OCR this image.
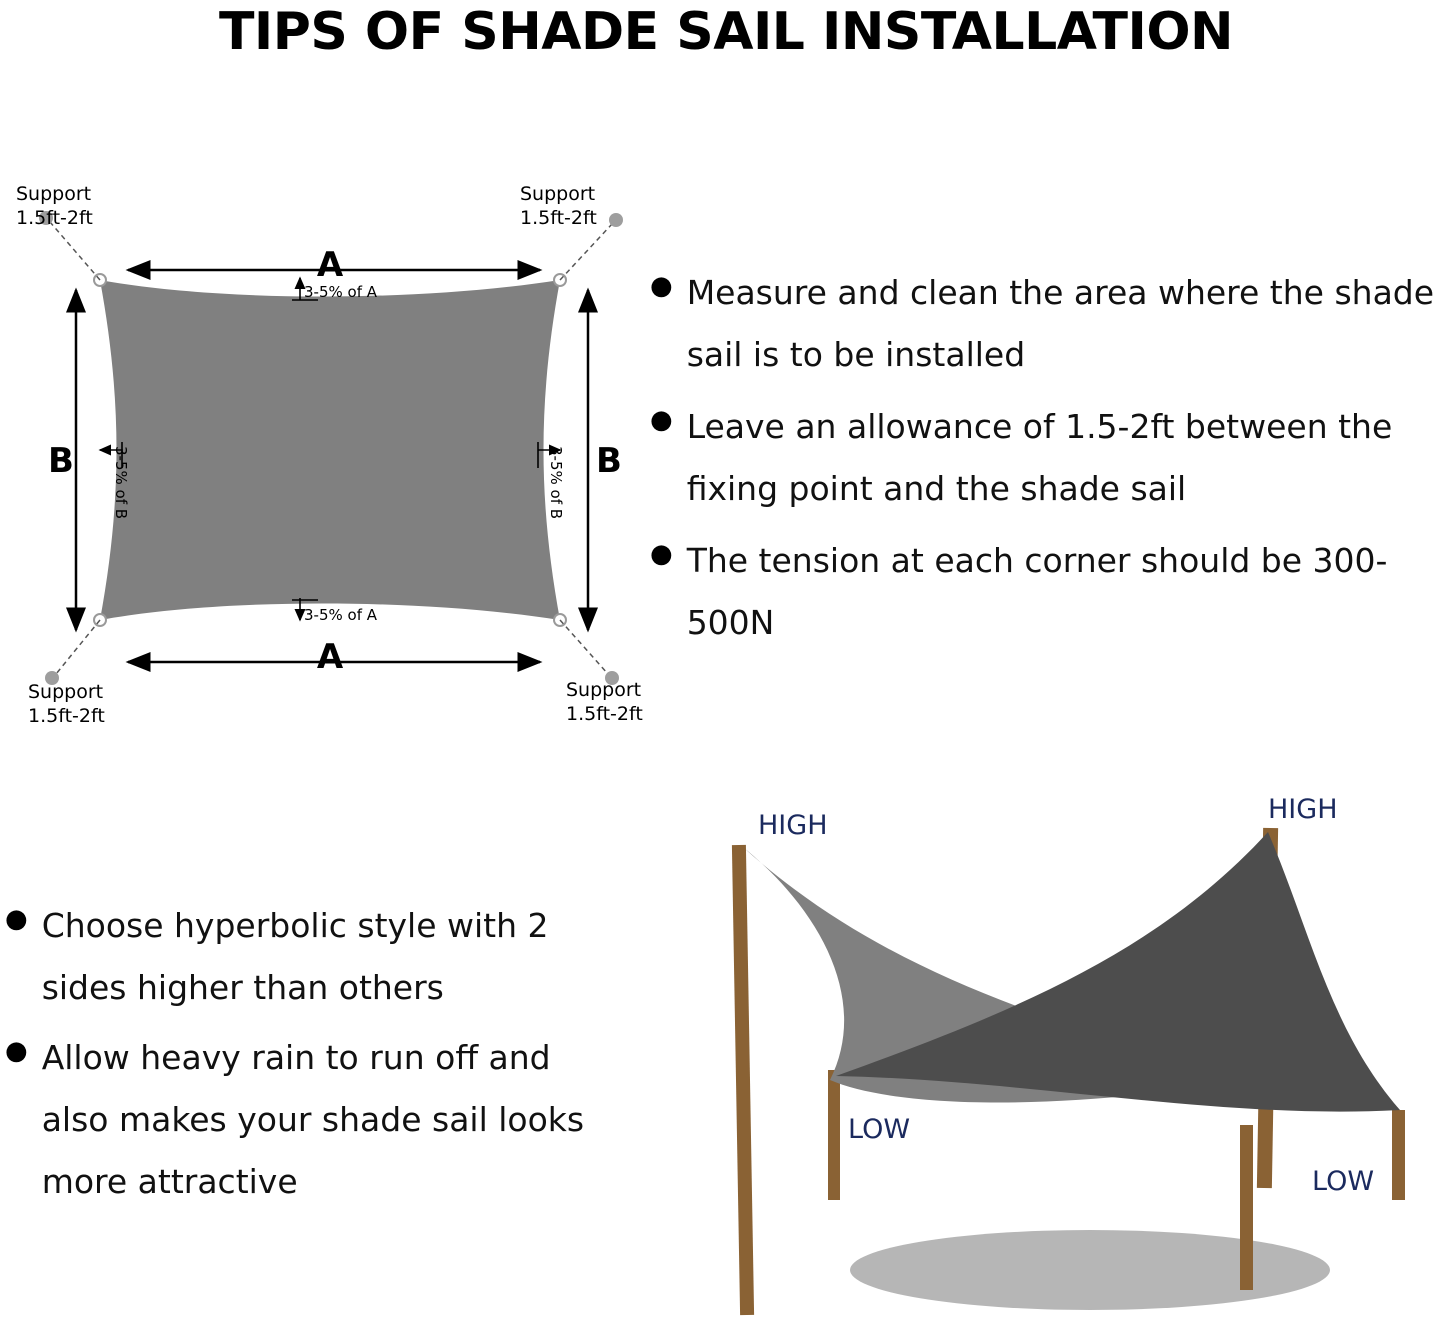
TIPS OF SHADE SAIL INSTALLATION
Support
1.5ft-2ft
Support
1.5ft-2ft
Support
1.5ft-2ft
Support
1.5ft-2ft
A
A
B	B
3-5% of A
3-5% of A
3-5% of B	3-5% of B
● Measure and clean the area where the shade sail is to be installed
● Leave an allowance of 1.5-2ft between the fixing point and the shade sail
● The tension at each corner should be 300-500N
● Choose hyperbolic style with 2 sides higher than others
● Allow heavy rain to run off and also makes your shade sail looks more attractive
HIGH
HIGH
LOW
LOW
